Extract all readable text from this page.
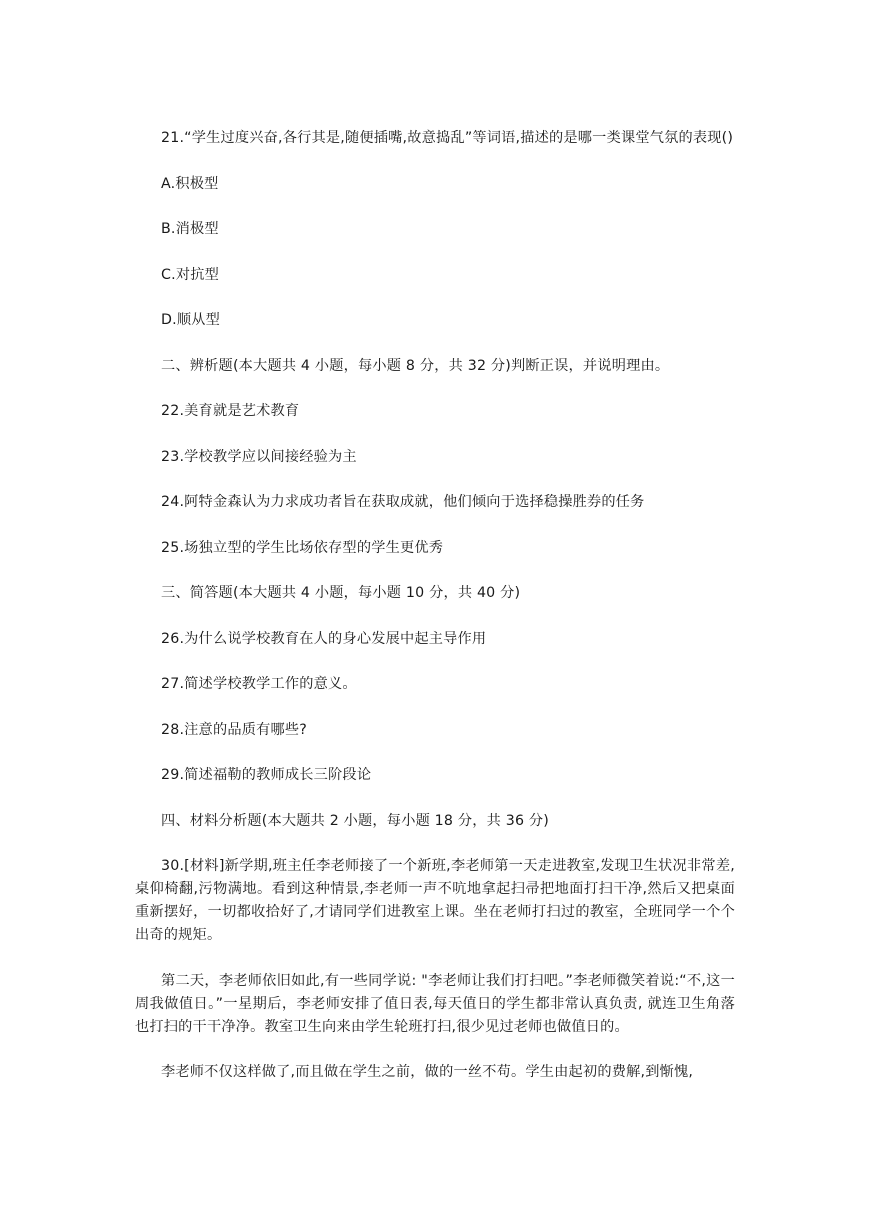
21.“学生过度兴奋,各行其是,随便插嘴,故意捣乱”等词语,描述的是哪一类课堂气氛的表现()

A.积极型

B.消极型

C.对抗型

D.顺从型

二、辨析题(本大题共 4 小题，每小题 8 分，共 32 分)判断正误，并说明理由。

22.美育就是艺术教育

23.学校教学应以间接经验为主

24.阿特金森认为力求成功者旨在获取成就，他们倾向于选择稳操胜券的任务

25.场独立型的学生比场依存型的学生更优秀

三、简答题(本大题共 4 小题，每小题 10 分，共 40 分)

26.为什么说学校教育在人的身心发展中起主导作用

27.简述学校教学工作的意义。

28.注意的品质有哪些?

29.简述福勒的教师成长三阶段论

四、材料分析题(本大题共 2 小题，每小题 18 分，共 36 分)

30.[材料]新学期,班主任李老师接了一个新班,李老师第一天走进教室,发现卫生状况非常差,桌仰椅翻,污物满地。看到这种情景,李老师一声不吭地拿起扫帚把地面打扫干净,然后又把桌面重新摆好，一切都收拾好了,才请同学们进教室上课。坐在老师打扫过的教室，全班同学一个个出奇的规矩。

第二天，李老师依旧如此,有一些同学说: "李老师让我们打扫吧。”李老师微笑着说:“不,这一周我做值日。”一星期后，李老师安排了值日表,每天值日的学生都非常认真负责, 就连卫生角落也打扫的干干净净。教室卫生向来由学生轮班打扫,很少见过老师也做值日的。

李老师不仅这样做了,而且做在学生之前，做的一丝不苟。学生由起初的费解,到惭愧,
